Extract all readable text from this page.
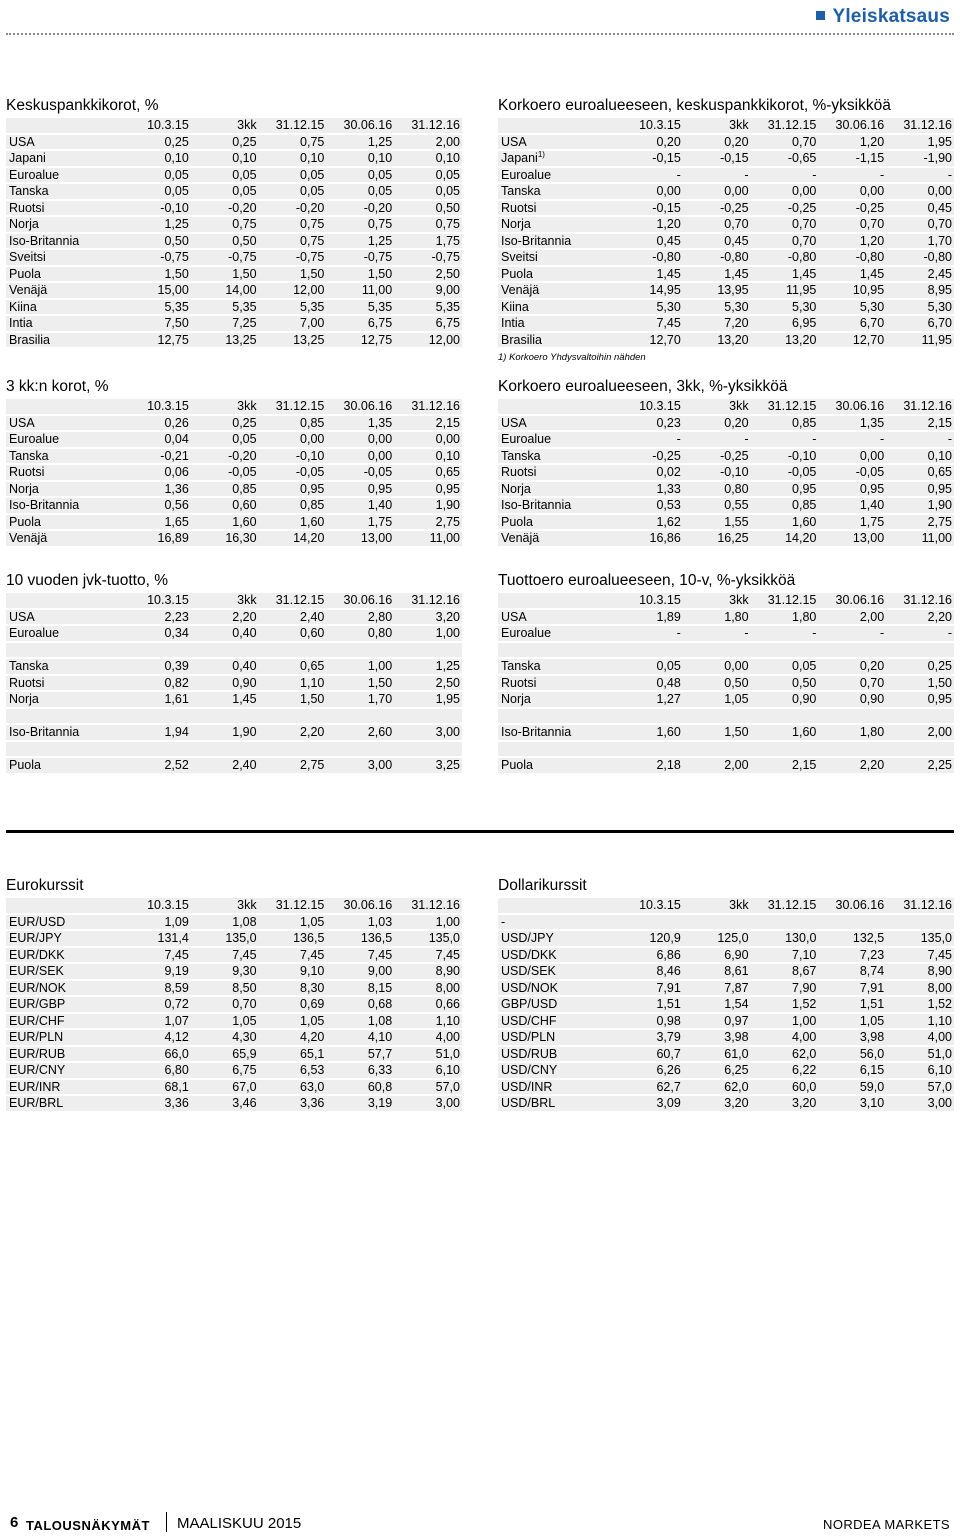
Yleiskatsaus
Keskuspankkikorot, %
	10.3.15	3kk	31.12.15	30.06.16	31.12.16
USA	0,25	0,25	0,75	1,25	2,00
Japani	0,10	0,10	0,10	0,10	0,10
Euroalue	0,05	0,05	0,05	0,05	0,05
Tanska	0,05	0,05	0,05	0,05	0,05
Ruotsi	-0,10	-0,20	-0,20	-0,20	0,50
Norja	1,25	0,75	0,75	0,75	0,75
Iso-Britannia	0,50	0,50	0,75	1,25	1,75
Sveitsi	-0,75	-0,75	-0,75	-0,75	-0,75
Puola	1,50	1,50	1,50	1,50	2,50
Venäjä	15,00	14,00	12,00	11,00	9,00
Kiina	5,35	5,35	5,35	5,35	5,35
Intia	7,50	7,25	7,00	6,75	6,75
Brasilia	12,75	13,25	13,25	12,75	12,00
Korkoero euroalueeseen, keskuspankkikorot, %-yksikköä
	10.3.15	3kk	31.12.15	30.06.16	31.12.16
USA	0,20	0,20	0,70	1,20	1,95
Japani$^{1)}$	-0,15	-0,15	-0,65	-1,15	-1,90
Euroalue	-	-	-	-	-
Tanska	0,00	0,00	0,00	0,00	0,00
Ruotsi	-0,15	-0,25	-0,25	-0,25	0,45
Norja	1,20	0,70	0,70	0,70	0,70
Iso-Britannia	0,45	0,45	0,70	1,20	1,70
Sveitsi	-0,80	-0,80	-0,80	-0,80	-0,80
Puola	1,45	1,45	1,45	1,45	2,45
Venäjä	14,95	13,95	11,95	10,95	8,95
Kiina	5,30	5,30	5,30	5,30	5,30
Intia	7,45	7,20	6,95	6,70	6,70
Brasilia	12,70	13,20	13,20	12,70	11,95
1) Korkoero Yhdysvaltoihin nähden
3 kk:n korot, %
	10.3.15	3kk	31.12.15	30.06.16	31.12.16
USA	0,26	0,25	0,85	1,35	2,15
Euroalue	0,04	0,05	0,00	0,00	0,00
Tanska	-0,21	-0,20	-0,10	0,00	0,10
Ruotsi	0,06	-0,05	-0,05	-0,05	0,65
Norja	1,36	0,85	0,95	0,95	0,95
Iso-Britannia	0,56	0,60	0,85	1,40	1,90
Puola	1,65	1,60	1,60	1,75	2,75
Venäjä	16,89	16,30	14,20	13,00	11,00
Korkoero euroalueeseen, 3kk, %-yksikköä
	10.3.15	3kk	31.12.15	30.06.16	31.12.16
USA	0,23	0,20	0,85	1,35	2,15
Euroalue	-	-	-	-	-
Tanska	-0,25	-0,25	-0,10	0,00	0,10
Ruotsi	0,02	-0,10	-0,05	-0,05	0,65
Norja	1,33	0,80	0,95	0,95	0,95
Iso-Britannia	0,53	0,55	0,85	1,40	1,90
Puola	1,62	1,55	1,60	1,75	2,75
Venäjä	16,86	16,25	14,20	13,00	11,00
10 vuoden jvk-tuotto, %
	10.3.15	3kk	31.12.15	30.06.16	31.12.16
USA	2,23	2,20	2,40	2,80	3,20
Euroalue	0,34	0,40	0,60	0,80	1,00

Tanska	0,39	0,40	0,65	1,00	1,25
Ruotsi	0,82	0,90	1,10	1,50	2,50
Norja	1,61	1,45	1,50	1,70	1,95

Iso-Britannia	1,94	1,90	2,20	2,60	3,00

Puola	2,52	2,40	2,75	3,00	3,25
Tuottoero euroalueeseen, 10-v, %-yksikköä
	10.3.15	3kk	31.12.15	30.06.16	31.12.16
USA	1,89	1,80	1,80	2,00	2,20
Euroalue	-	-	-	-	-

Tanska	0,05	0,00	0,05	0,20	0,25
Ruotsi	0,48	0,50	0,50	0,70	1,50
Norja	1,27	1,05	0,90	0,90	0,95

Iso-Britannia	1,60	1,50	1,60	1,80	2,00

Puola	2,18	2,00	2,15	2,20	2,25
Eurokurssit
	10.3.15	3kk	31.12.15	30.06.16	31.12.16
EUR/USD	1,09	1,08	1,05	1,03	1,00
EUR/JPY	131,4	135,0	136,5	136,5	135,0
EUR/DKK	7,45	7,45	7,45	7,45	7,45
EUR/SEK	9,19	9,30	9,10	9,00	8,90
EUR/NOK	8,59	8,50	8,30	8,15	8,00
EUR/GBP	0,72	0,70	0,69	0,68	0,66
EUR/CHF	1,07	1,05	1,05	1,08	1,10
EUR/PLN	4,12	4,30	4,20	4,10	4,00
EUR/RUB	66,0	65,9	65,1	57,7	51,0
EUR/CNY	6,80	6,75	6,53	6,33	6,10
EUR/INR	68,1	67,0	63,0	60,8	57,0
EUR/BRL	3,36	3,46	3,36	3,19	3,00
Dollarikurssit
	10.3.15	3kk	31.12.15	30.06.16	31.12.16
-					
USD/JPY	120,9	125,0	130,0	132,5	135,0
USD/DKK	6,86	6,90	7,10	7,23	7,45
USD/SEK	8,46	8,61	8,67	8,74	8,90
USD/NOK	7,91	7,87	7,90	7,91	8,00
GBP/USD	1,51	1,54	1,52	1,51	1,52
USD/CHF	0,98	0,97	1,00	1,05	1,10
USD/PLN	3,79	3,98	4,00	3,98	4,00
USD/RUB	60,7	61,0	62,0	56,0	51,0
USD/CNY	6,26	6,25	6,22	6,15	6,10
USD/INR	62,7	62,0	60,0	59,0	57,0
USD/BRL	3,09	3,20	3,20	3,10	3,00
6 TALOUSNÄKYMÄT MAALISKUU 2015	NORDEA MARKETS
